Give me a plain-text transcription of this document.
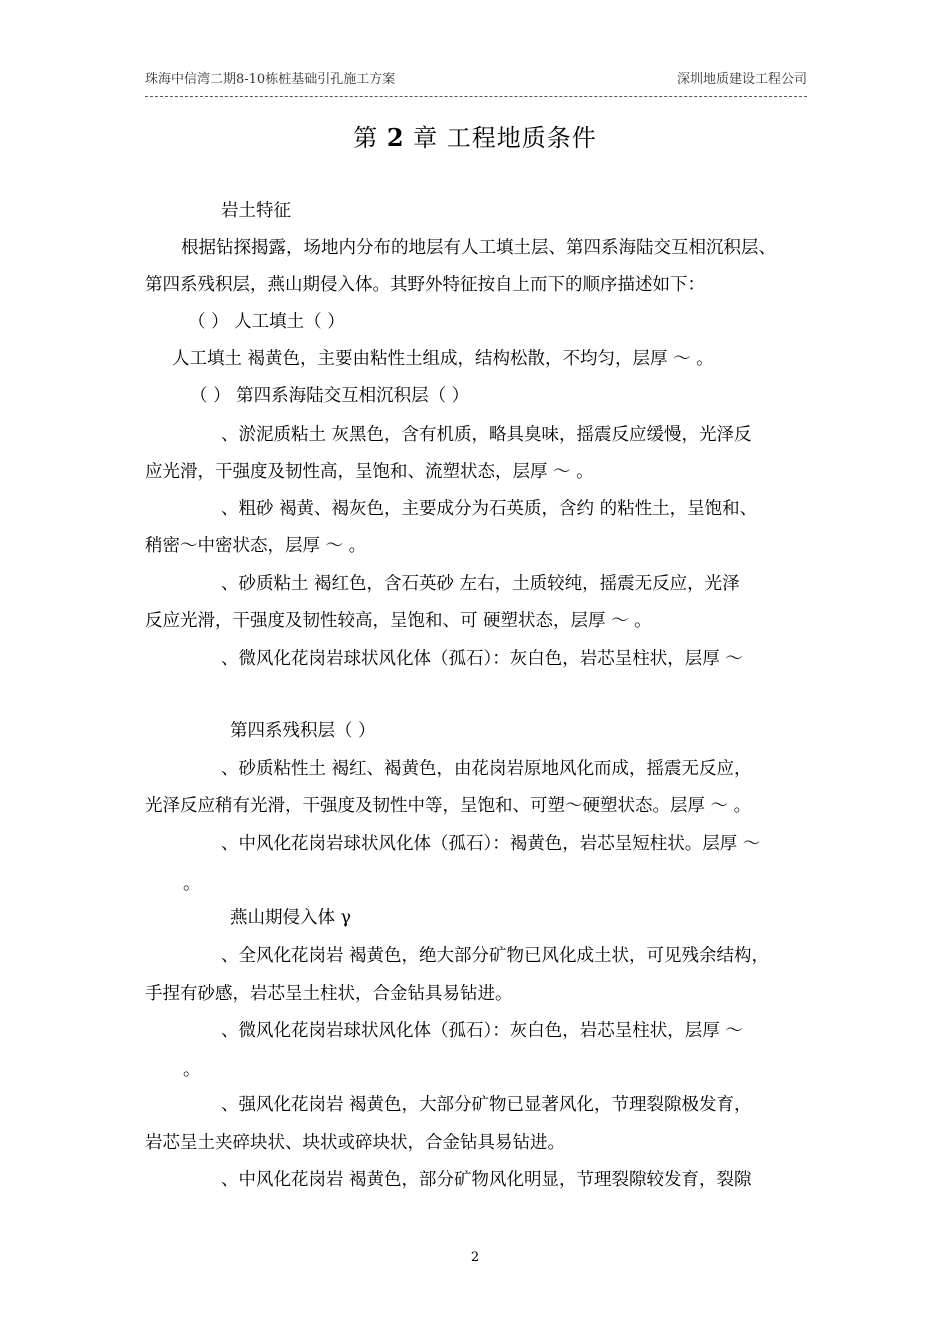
珠海中信湾二期8-10栋桩基础引孔施工方案	深圳地质建设工程公司
第 2 章 工程地质条件
岩土特征
根据钻探揭露，场地内分布的地层有人工填土层、第四系海陆交互相沉积层、
第四系残积层，燕山期侵入体。其野外特征按自上而下的顺序描述如下：
（ ） 人工填土（ ）
人工填土 褐黄色，主要由粘性土组成，结构松散，不均匀，层厚 ～ 。
（ ） 第四系海陆交互相沉积层（ ）
、淤泥质粘土 灰黑色，含有机质，略具臭味，摇震反应缓慢，光泽反
应光滑，干强度及韧性高，呈饱和、流塑状态，层厚 ～ 。
、粗砂 褐黄、褐灰色，主要成分为石英质，含约 的粘性土，呈饱和、
稍密～中密状态，层厚 ～ 。
、砂质粘土 褐红色，含石英砂 左右，土质较纯，摇震无反应，光泽
反应光滑，干强度及韧性较高，呈饱和、可 硬塑状态，层厚 ～ 。
、微风化花岗岩球状风化体（孤石）：灰白色，岩芯呈柱状，层厚 ～
第四系残积层（ ）
、砂质粘性土 褐红、褐黄色，由花岗岩原地风化而成，摇震无反应，
光泽反应稍有光滑，干强度及韧性中等，呈饱和、可塑～硬塑状态。层厚 ～ 。
、中风化花岗岩球状风化体（孤石）：褐黄色，岩芯呈短柱状。层厚 ～
。
燕山期侵入体 γ
、全风化花岗岩 褐黄色，绝大部分矿物已风化成土状，可见残余结构，
手捏有砂感，岩芯呈土柱状，合金钻具易钻进。
、微风化花岗岩球状风化体（孤石）：灰白色，岩芯呈柱状，层厚 ～
。
、强风化花岗岩 褐黄色，大部分矿物已显著风化，节理裂隙极发育，
岩芯呈土夹碎块状、块状或碎块状，合金钻具易钻进。
、中风化花岗岩 褐黄色，部分矿物风化明显，节理裂隙较发育，裂隙
2
